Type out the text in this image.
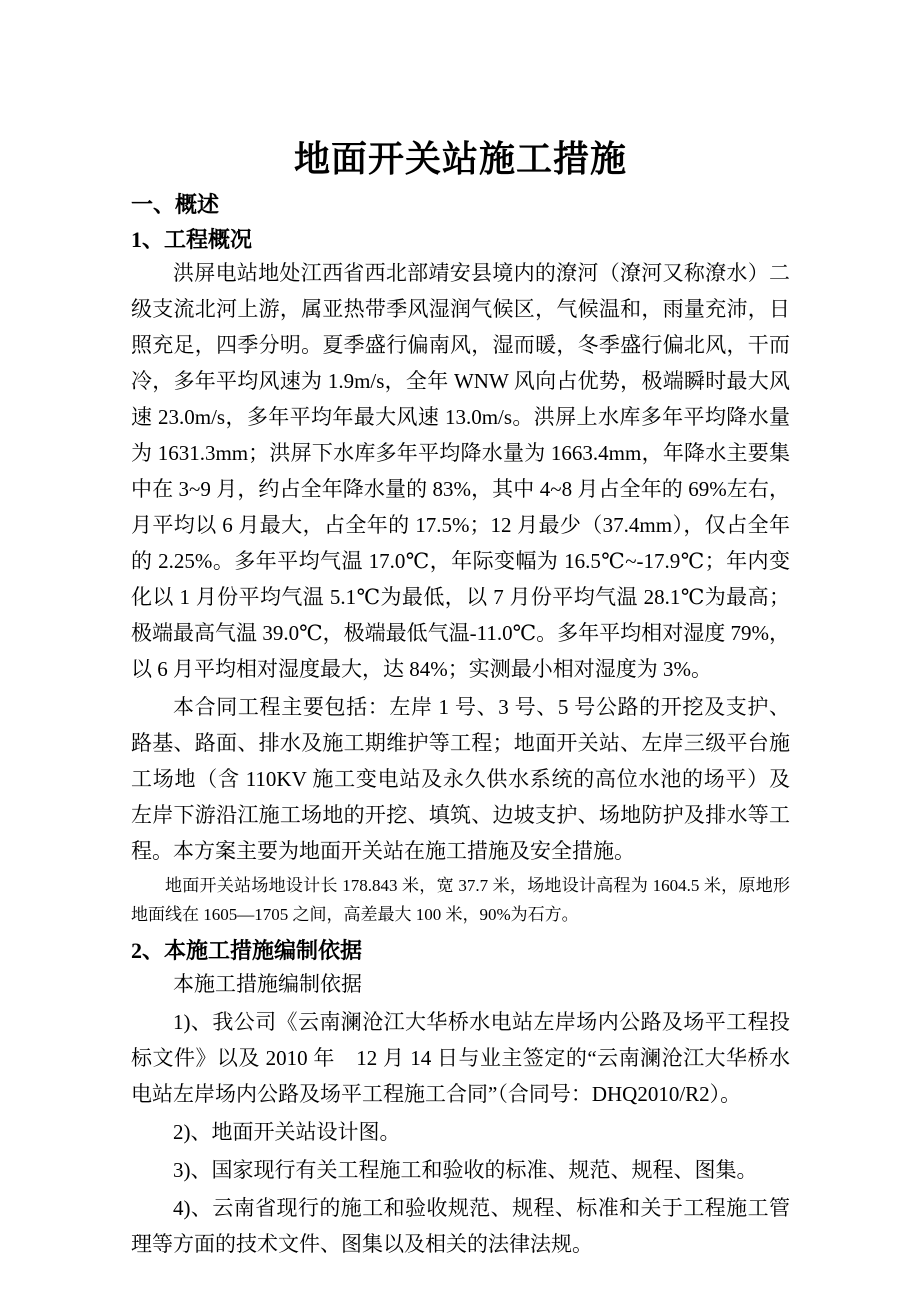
地面开关站施工措施
一、概述
1、工程概况

洪屏电站地处江西省西北部靖安县境内的潦河（潦河又称潦水）二级支流北河上游，属亚热带季风湿润气候区，气候温和，雨量充沛，日照充足，四季分明。夏季盛行偏南风，湿而暖，冬季盛行偏北风，干而冷，多年平均风速为 1.9m/s，全年 WNW 风向占优势，极端瞬时最大风速 23.0m/s，多年平均年最大风速 13.0m/s。洪屏上水库多年平均降水量为 1631.3mm；洪屏下水库多年平均降水量为 1663.4mm，年降水主要集中在 3~9 月，约占全年降水量的 83%，其中 4~8 月占全年的 69%左右，月平均以 6 月最大，占全年的 17.5%；12 月最少（37.4mm），仅占全年的 2.25%。多年平均气温 17.0℃，年际变幅为 16.5℃~-17.9℃；年内变化以 1 月份平均气温 5.1℃为最低，以 7 月份平均气温 28.1℃为最高；极端最高气温 39.0℃，极端最低气温-11.0℃。多年平均相对湿度 79%，以 6 月平均相对湿度最大，达 84%；实测最小相对湿度为 3%。

本合同工程主要包括：左岸 1 号、3 号、5 号公路的开挖及支护、路基、路面、排水及施工期维护等工程；地面开关站、左岸三级平台施工场地（含 110KV 施工变电站及永久供水系统的高位水池的场平）及左岸下游沿江施工场地的开挖、填筑、边坡支护、场地防护及排水等工程。本方案主要为地面开关站在施工措施及安全措施。

地面开关站场地设计长 178.843 米，宽 37.7 米，场地设计高程为 1604.5 米，原地形地面线在 1605—1705 之间，高差最大 100 米，90%为石方。

2、本施工措施编制依据

本施工措施编制依据

1)、我公司《云南澜沧江大华桥水电站左岸场内公路及场平工程投标文件》以及 2010 年　12 月 14 日与业主签定的“云南澜沧江大华桥水电站左岸场内公路及场平工程施工合同”（合同号：DHQ2010/R2）。

2)、地面开关站设计图。

3)、国家现行有关工程施工和验收的标准、规范、规程、图集。

4)、云南省现行的施工和验收规范、规程、标准和关于工程施工管理等方面的技术文件、图集以及相关的法律法规。
